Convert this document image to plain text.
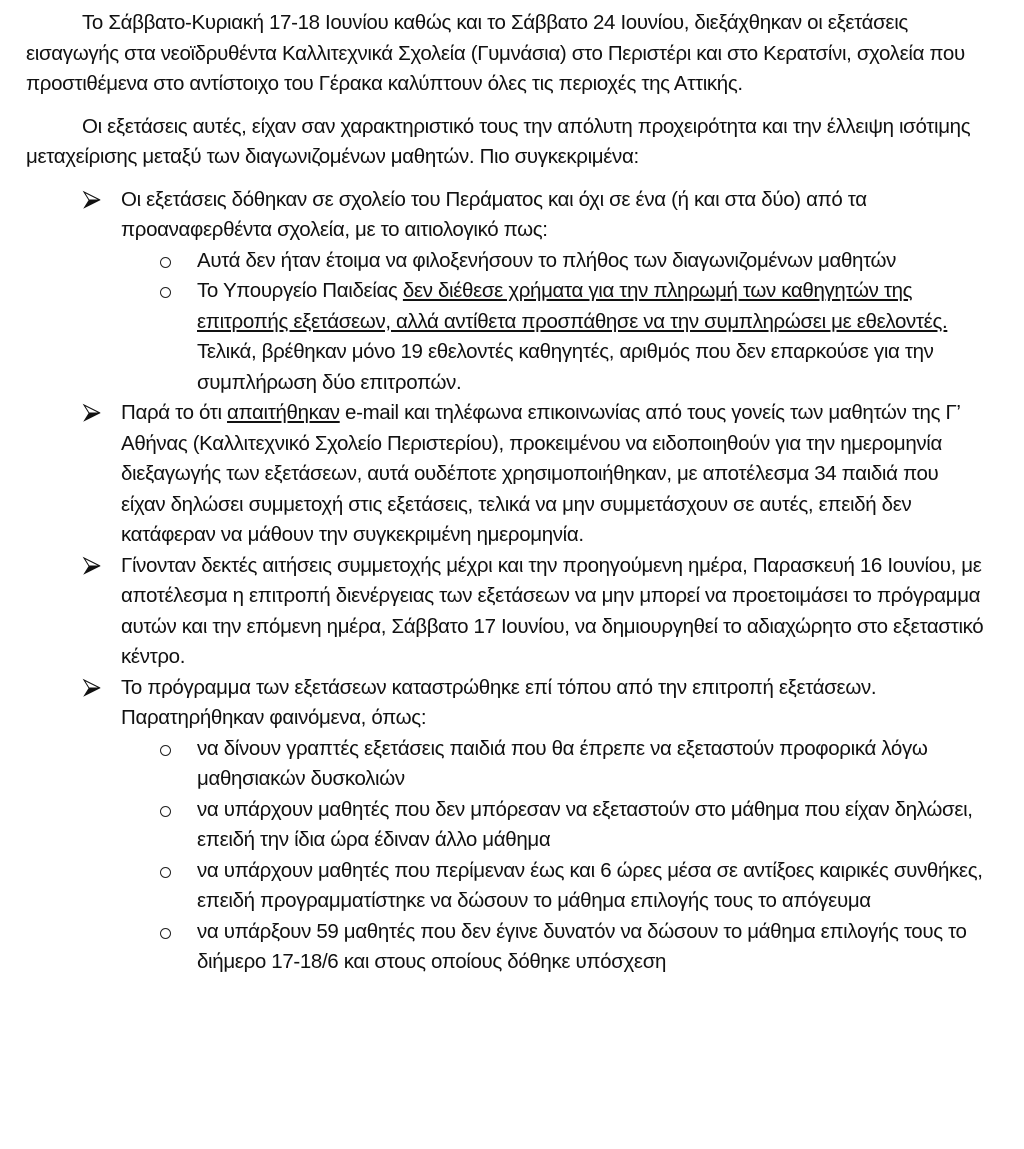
Το Σάββατο-Κυριακή 17-18 Ιουνίου καθώς και το Σάββατο 24 Ιουνίου, διεξάχθηκαν οι εξετάσεις εισαγωγής στα νεοϊδρυθέντα Καλλιτεχνικά Σχολεία (Γυμνάσια) στο Περιστέρι και στο Κερατσίνι, σχολεία που προστιθέμενα στο αντίστοιχο του Γέρακα καλύπτουν όλες τις περιοχές της Αττικής.

Οι εξετάσεις αυτές, είχαν σαν χαρακτηριστικό τους την απόλυτη προχειρότητα και την έλλειψη ισότιμης μεταχείρισης μεταξύ των διαγωνιζομένων μαθητών. Πιο συγκεκριμένα:

Οι εξετάσεις δόθηκαν σε σχολείο του Περάματος και όχι σε ένα (ή και στα δύο) από τα προαναφερθέντα σχολεία, με το αιτιολογικό πως:
Αυτά δεν ήταν έτοιμα να φιλοξενήσουν το πλήθος των διαγωνιζομένων μαθητών
Το Υπουργείο Παιδείας δεν διέθεσε χρήματα για την πληρωμή των καθηγητών της επιτροπής εξετάσεων, αλλά αντίθετα προσπάθησε να την συμπληρώσει με εθελοντές. Τελικά, βρέθηκαν μόνο 19 εθελοντές καθηγητές, αριθμός που δεν επαρκούσε για την συμπλήρωση δύο επιτροπών.
Παρά το ότι απαιτήθηκαν e-mail και τηλέφωνα επικοινωνίας από τους γονείς των μαθητών της Γ’ Αθήνας (Καλλιτεχνικό Σχολείο Περιστερίου), προκειμένου να ειδοποιηθούν για την ημερομηνία διεξαγωγής των εξετάσεων, αυτά ουδέποτε χρησιμοποιήθηκαν, με αποτέλεσμα 34 παιδιά που είχαν δηλώσει συμμετοχή στις εξετάσεις, τελικά να μην συμμετάσχουν σε αυτές, επειδή δεν κατάφεραν να μάθουν την συγκεκριμένη ημερομηνία.
Γίνονταν δεκτές αιτήσεις συμμετοχής μέχρι και την προηγούμενη ημέρα, Παρασκευή 16 Ιουνίου, με αποτέλεσμα η επιτροπή διενέργειας των εξετάσεων να μην μπορεί να προετοιμάσει το πρόγραμμα αυτών και την επόμενη ημέρα, Σάββατο 17 Ιουνίου, να δημιουργηθεί το αδιαχώρητο στο εξεταστικό κέντρο.
Το πρόγραμμα των εξετάσεων καταστρώθηκε επί τόπου από την επιτροπή εξετάσεων. Παρατηρήθηκαν φαινόμενα, όπως:
να δίνουν γραπτές εξετάσεις παιδιά που θα έπρεπε να εξεταστούν προφορικά λόγω μαθησιακών δυσκολιών
να υπάρχουν μαθητές που δεν μπόρεσαν να εξεταστούν στο μάθημα που είχαν δηλώσει, επειδή την ίδια ώρα έδιναν άλλο μάθημα
να υπάρχουν μαθητές που περίμεναν έως και 6 ώρες μέσα σε αντίξοες καιρικές συνθήκες, επειδή προγραμματίστηκε να δώσουν το μάθημα επιλογής τους το απόγευμα
να υπάρξουν 59 μαθητές που δεν έγινε δυνατόν να δώσουν το μάθημα επιλογής τους το διήμερο 17-18/6 και στους οποίους δόθηκε υπόσχεση
